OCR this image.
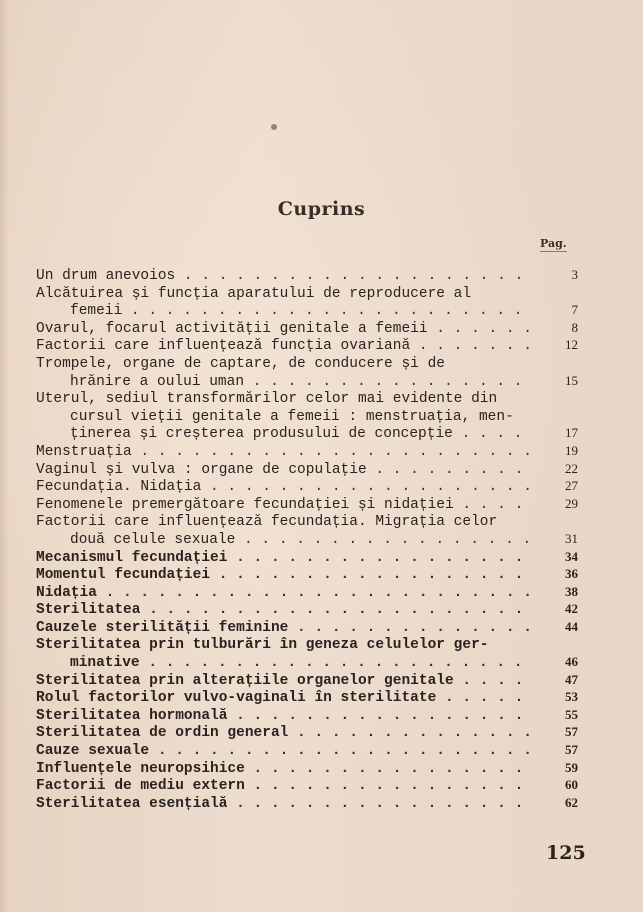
Cuprins
Pag.
Un drum anevoios . . . . . . . . . . . . . . . . . . . .	3
Alcătuirea și funcția aparatului de reproducere al
femeii . . . . . . . . . . . . . . . . . . . . . . .	7
Ovarul, focarul activității genitale a femeii . . . . . .	8
Factorii care influențează funcția ovariană . . . . . . .	12
Trompele, organe de captare, de conducere și de
hrănire a oului uman . . . . . . . . . . . . . . . .	15
Uterul, sediul transformărilor celor mai evidente din
cursul vieții genitale a femeii : menstruația, men-
ținerea și creșterea produsului de concepție . . . .	17
Menstruația . . . . . . . . . . . . . . . . . . . . . . .	19
Vaginul și vulva : organe de copulație . . . . . . . . .	22
Fecundația. Nidația . . . . . . . . . . . . . . . . . . .	27
Fenomenele premergătoare fecundației și nidației . . . .	29
Factorii care influențează fecundația. Migrația celor
două celule sexuale . . . . . . . . . . . . . . . . .	31
Mecanismul fecundației . . . . . . . . . . . . . . . . .	34
Momentul fecundației . . . . . . . . . . . . . . . . . .	36
Nidația . . . . . . . . . . . . . . . . . . . . . . . . .	38
Sterilitatea . . . . . . . . . . . . . . . . . . . . . .	42
Cauzele sterilității feminine . . . . . . . . . . . . . .	44
Sterilitatea prin tulburări în geneza celulelor ger-
minative . . . . . . . . . . . . . . . . . . . . . .	46
Sterilitatea prin alterațiile organelor genitale . . . .	47
Rolul factorilor vulvo-vaginali în sterilitate . . . . .	53
Sterilitatea hormonală . . . . . . . . . . . . . . . . .	55
Sterilitatea de ordin general . . . . . . . . . . . . . .	57
Cauze sexuale . . . . . . . . . . . . . . . . . . . . . .	57
Influențele neuropsihice . . . . . . . . . . . . . . . .	59
Factorii de mediu extern . . . . . . . . . . . . . . . .	60
Sterilitatea esențială . . . . . . . . . . . . . . . . .	62
125
